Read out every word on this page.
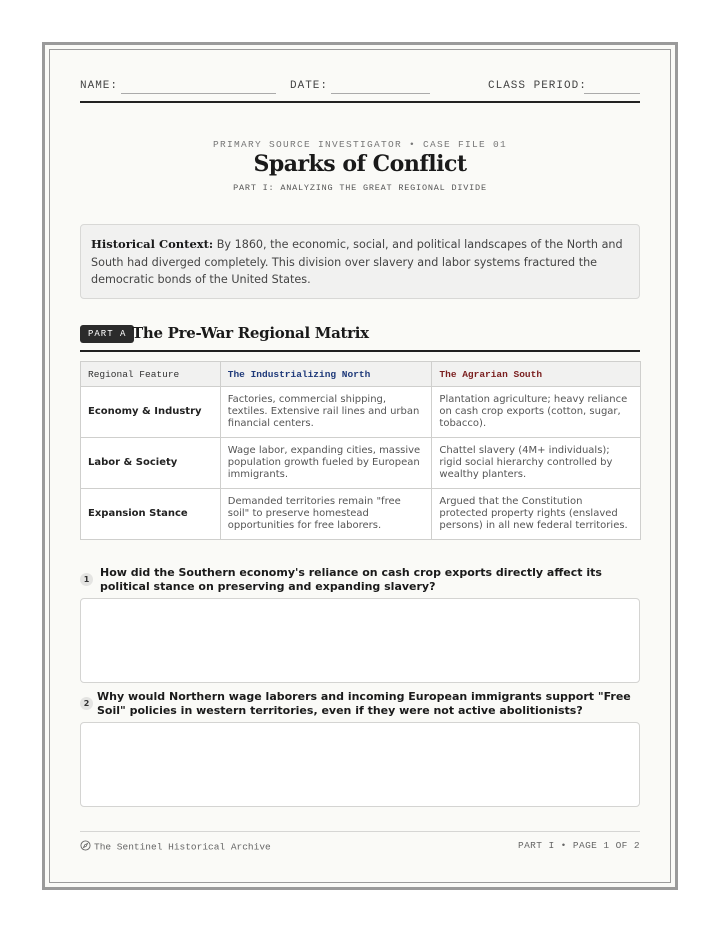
NAME:	DATE:	CLASS PERIOD:
PRIMARY SOURCE INVESTIGATOR • CASE FILE 01
Sparks of Conflict
PART I: ANALYZING THE GREAT REGIONAL DIVIDE
Historical Context: By 1860, the economic, social, and political landscapes of the North and South had diverged completely. This division over slavery and labor systems fractured the democratic bonds of the United States.
PART A The Pre-War Regional Matrix
Regional Feature	The Industrializing North	The Agrarian South
Economy & Industry	Factories, commercial shipping, textiles. Extensive rail lines and urban financial centers.	Plantation agriculture; heavy reliance on cash crop exports (cotton, sugar, tobacco).
Labor & Society	Wage labor, expanding cities, massive population growth fueled by European immigrants.	Chattel slavery (4M+ individuals); rigid social hierarchy controlled by wealthy planters.
Expansion Stance	Demanded territories remain "free soil" to preserve homestead opportunities for free laborers.	Argued that the Constitution protected property rights (enslaved persons) in all new federal territories.
1
How did the Southern economy's reliance on cash crop exports directly affect its political stance on preserving and expanding slavery?
2
Why would Northern wage laborers and incoming European immigrants support "Free Soil" policies in western territories, even if they were not active abolitionists?
The Sentinel Historical Archive	PART I • PAGE 1 OF 2
